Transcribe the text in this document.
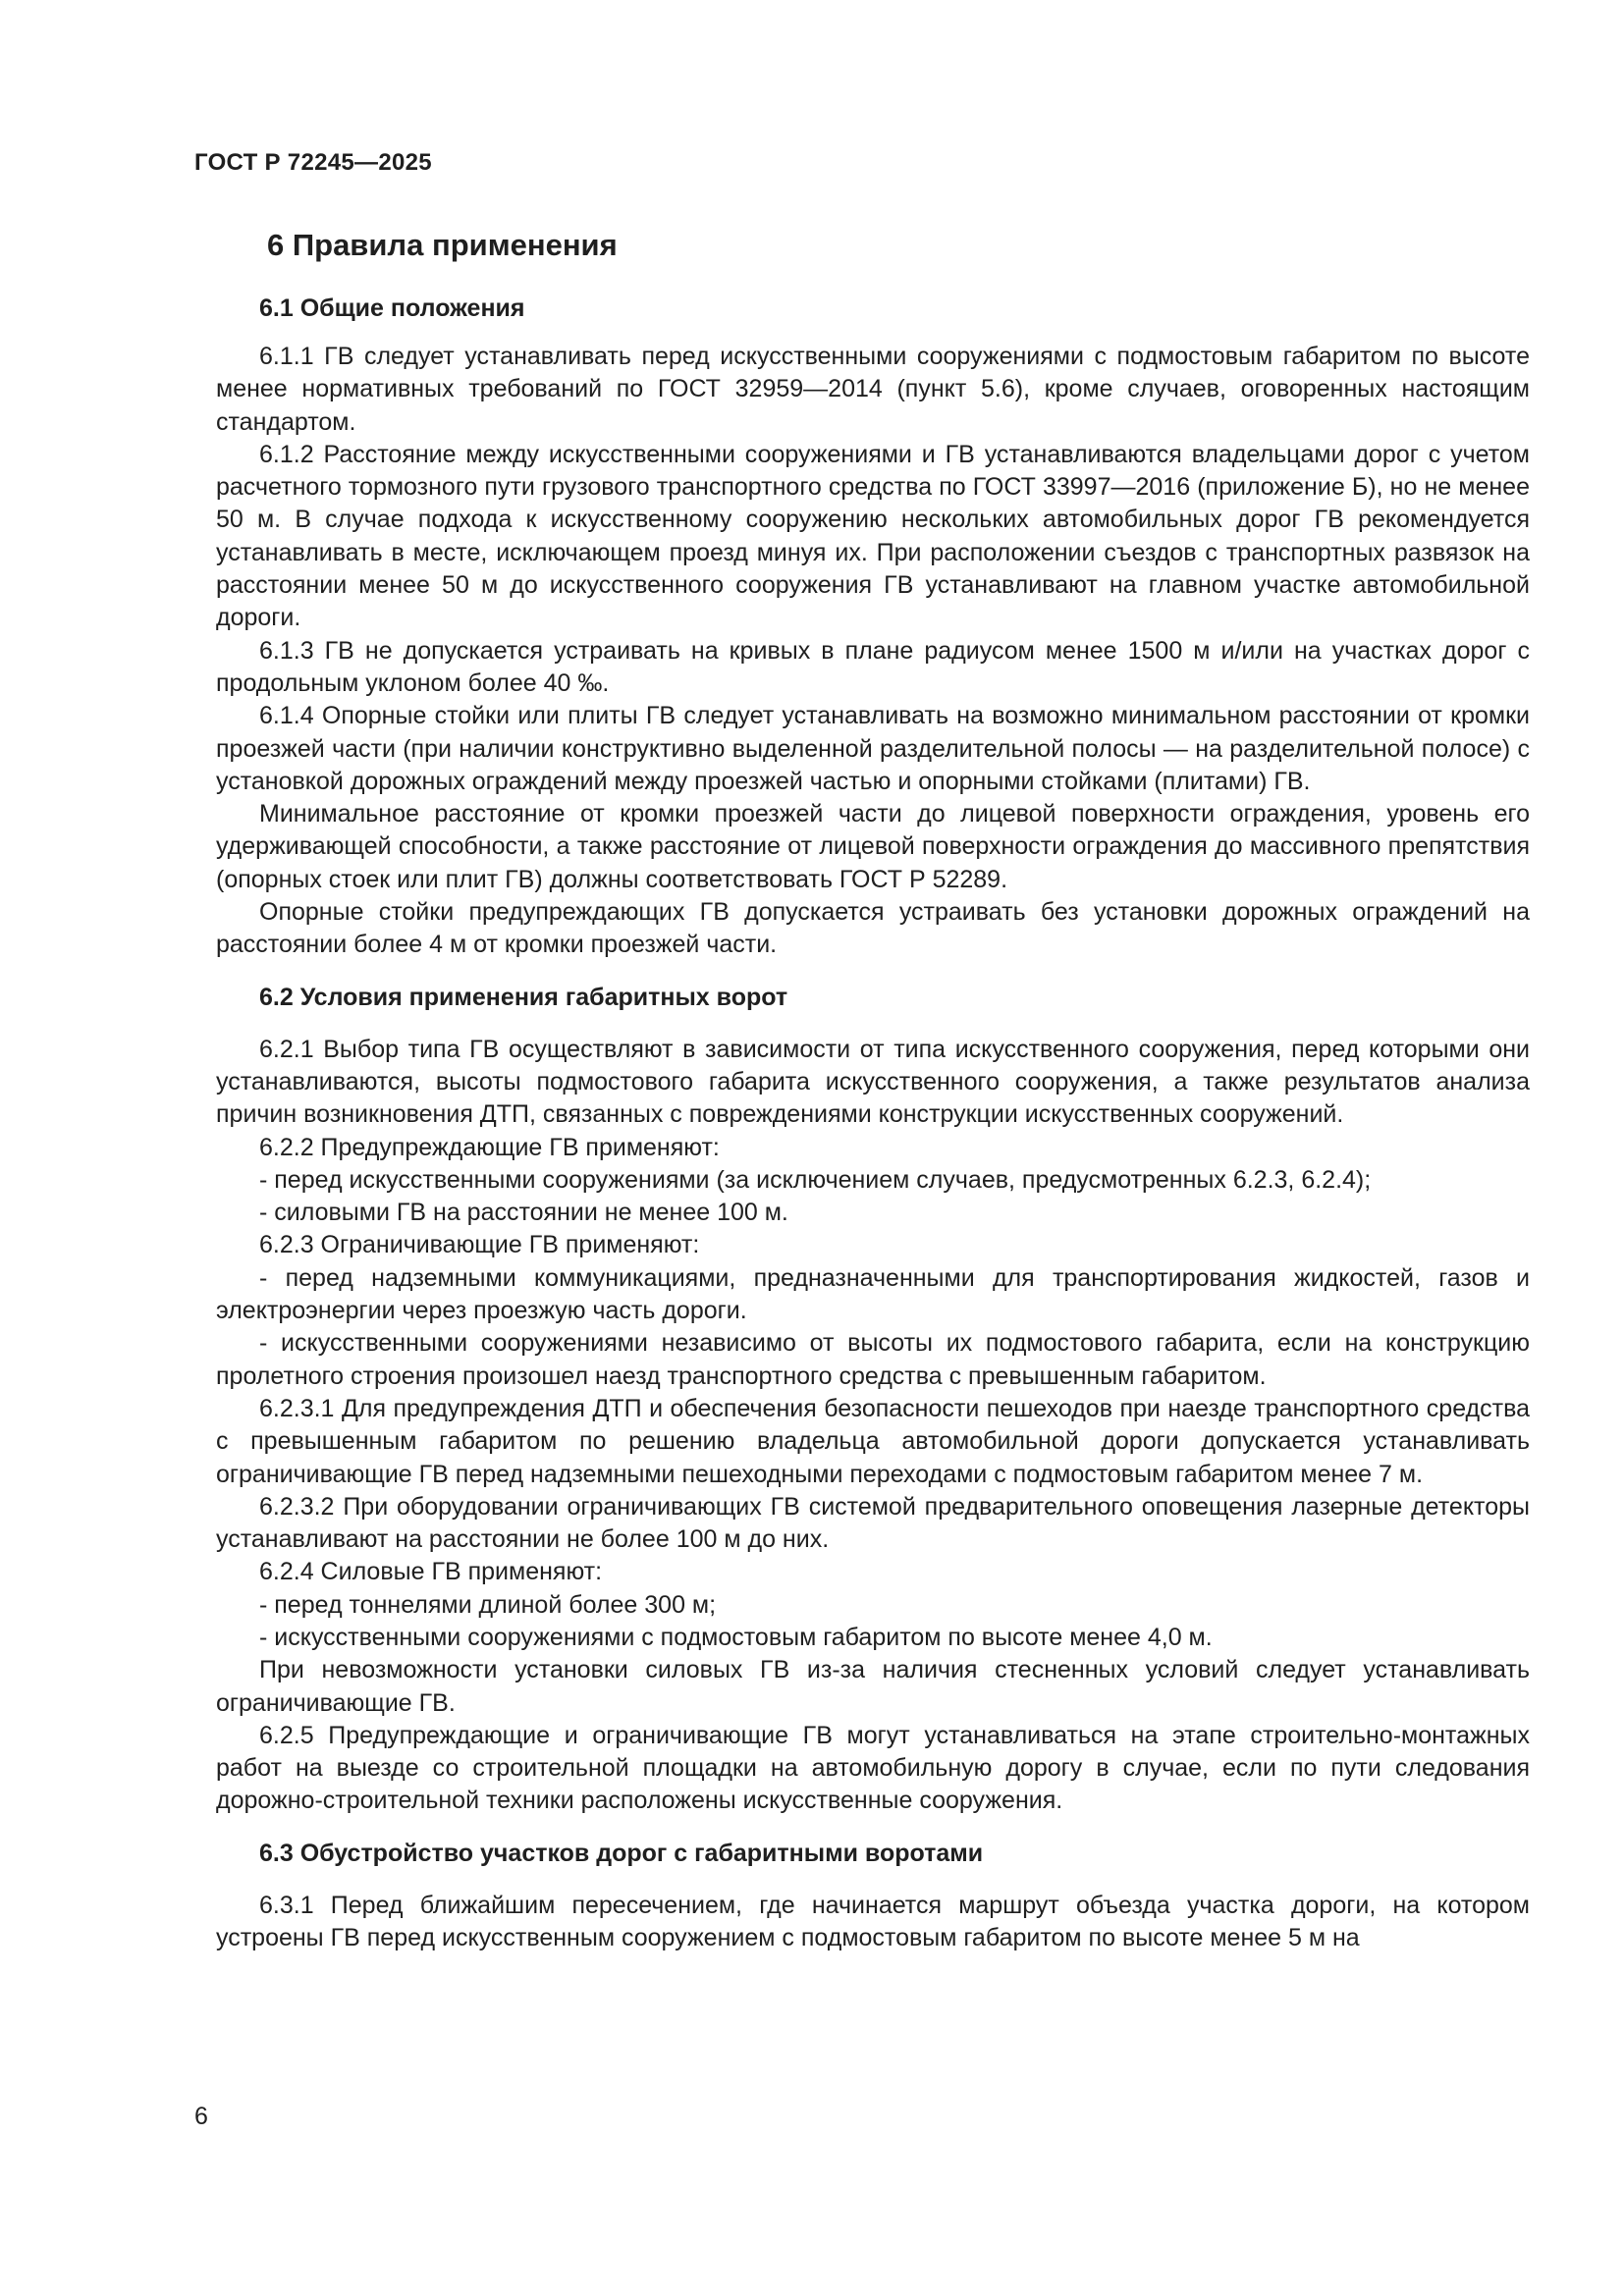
ГОСТ Р 72245—2025
6 Правила применения
6.1 Общие положения

6.1.1 ГВ следует устанавливать перед искусственными сооружениями с подмостовым габаритом по высоте менее нормативных требований по ГОСТ 32959—2014 (пункт 5.6), кроме случаев, оговоренных настоящим стандартом.

6.1.2 Расстояние между искусственными сооружениями и ГВ устанавливаются владельцами дорог с учетом расчетного тормозного пути грузового транспортного средства по ГОСТ 33997—2016 (приложение Б), но не менее 50 м. В случае подхода к искусственному сооружению нескольких автомобильных дорог ГВ рекомендуется устанавливать в месте, исключающем проезд минуя их. При расположении съездов с транспортных развязок на расстоянии менее 50 м до искусственного сооружения ГВ устанавливают на главном участке автомобильной дороги.

6.1.3 ГВ не допускается устраивать на кривых в плане радиусом менее 1500 м и/или на участках дорог с продольным уклоном более 40 ‰.

6.1.4 Опорные стойки или плиты ГВ следует устанавливать на возможно минимальном расстоянии от кромки проезжей части (при наличии конструктивно выделенной разделительной полосы — на разделительной полосе) с установкой дорожных ограждений между проезжей частью и опорными стойками (плитами) ГВ.

Минимальное расстояние от кромки проезжей части до лицевой поверхности ограждения, уровень его удерживающей способности, а также расстояние от лицевой поверхности ограждения до массивного препятствия (опорных стоек или плит ГВ) должны соответствовать ГОСТ Р 52289.

Опорные стойки предупреждающих ГВ допускается устраивать без установки дорожных ограждений на расстоянии более 4 м от кромки проезжей части.

6.2 Условия применения габаритных ворот

6.2.1 Выбор типа ГВ осуществляют в зависимости от типа искусственного сооружения, перед которыми они устанавливаются, высоты подмостового габарита искусственного сооружения, а также результатов анализа причин возникновения ДТП, связанных с повреждениями конструкции искусственных сооружений.

6.2.2 Предупреждающие ГВ применяют:

- перед искусственными сооружениями (за исключением случаев, предусмотренных 6.2.3, 6.2.4);

- силовыми ГВ на расстоянии не менее 100 м.

6.2.3 Ограничивающие ГВ применяют:

- перед надземными коммуникациями, предназначенными для транспортирования жидкостей, газов и электроэнергии через проезжую часть дороги.

- искусственными сооружениями независимо от высоты их подмостового габарита, если на конструкцию пролетного строения произошел наезд транспортного средства с превышенным габаритом.

6.2.3.1 Для предупреждения ДТП и обеспечения безопасности пешеходов при наезде транспортного средства с превышенным габаритом по решению владельца автомобильной дороги допускается устанавливать ограничивающие ГВ перед надземными пешеходными переходами с подмостовым габаритом менее 7 м.

6.2.3.2 При оборудовании ограничивающих ГВ системой предварительного оповещения лазерные детекторы устанавливают на расстоянии не более 100 м до них.

6.2.4 Силовые ГВ применяют:

- перед тоннелями длиной более 300 м;

- искусственными сооружениями с подмостовым габаритом по высоте менее 4,0 м.

При невозможности установки силовых ГВ из-за наличия стесненных условий следует устанавливать ограничивающие ГВ.

6.2.5 Предупреждающие и ограничивающие ГВ могут устанавливаться на этапе строительно-монтажных работ на выезде со строительной площадки на автомобильную дорогу в случае, если по пути следования дорожно-строительной техники расположены искусственные сооружения.

6.3 Обустройство участков дорог с габаритными воротами

6.3.1 Перед ближайшим пересечением, где начинается маршрут объезда участка дороги, на котором устроены ГВ перед искусственным сооружением с подмостовым габаритом по высоте менее 5 м на

6
